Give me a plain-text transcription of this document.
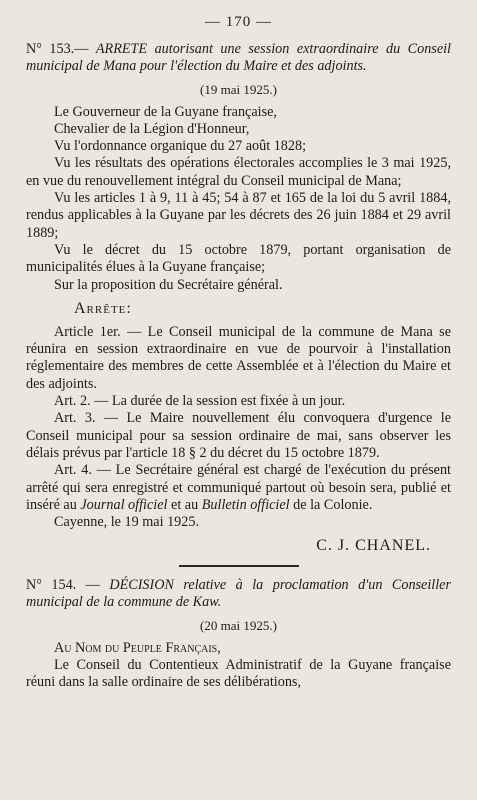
— 170 —

N° 153.— ARRETE autorisant une session extraordinaire du Conseil municipal de Mana pour l'élection du Maire et des adjoints.

(19 mai 1925.)

Le Gouverneur de la Guyane française,

Chevalier de la Légion d'Honneur,

Vu l'ordonnance organique du 27 août 1828;

Vu les résultats des opérations électorales accomplies le 3 mai 1925, en vue du renouvellement intégral du Conseil municipal de Mana;

Vu les articles 1 à 9, 11 à 45; 54 à 87 et 165 de la loi du 5 avril 1884, rendus applicables à la Guyane par les décrets des 26 juin 1884 et 29 avril 1889;

Vu le décret du 15 octobre 1879, portant organisation de municipalités élues à la Guyane française;

Sur la proposition du Secrétaire général.

Arrête:

Article 1er. — Le Conseil municipal de la commune de Mana se réunira en session extraordinaire en vue de pourvoir à l'installation réglementaire des membres de cette Assemblée et à l'élection du Maire et des adjoints.

Art. 2. — La durée de la session est fixée à un jour.

Art. 3. — Le Maire nouvellement élu convoquera d'urgence le Conseil municipal pour sa session ordinaire de mai, sans observer les délais prévus par l'article 18 § 2 du décret du 15 octobre 1879.

Art. 4. — Le Secrétaire général est chargé de l'exécution du présent arrêté qui sera enregistré et communiqué partout où besoin sera, publié et inséré au Journal officiel et au Bulletin officiel de la Colonie.

Cayenne, le 19 mai 1925.

C. J. CHANEL.

N° 154. — DÉCISION relative à la proclamation d'un Conseiller municipal de la commune de Kaw.

(20 mai 1925.)

Au Nom du Peuple Français,

Le Conseil du Contentieux Administratif de la Guyane française réuni dans la salle ordinaire de ses délibérations,
